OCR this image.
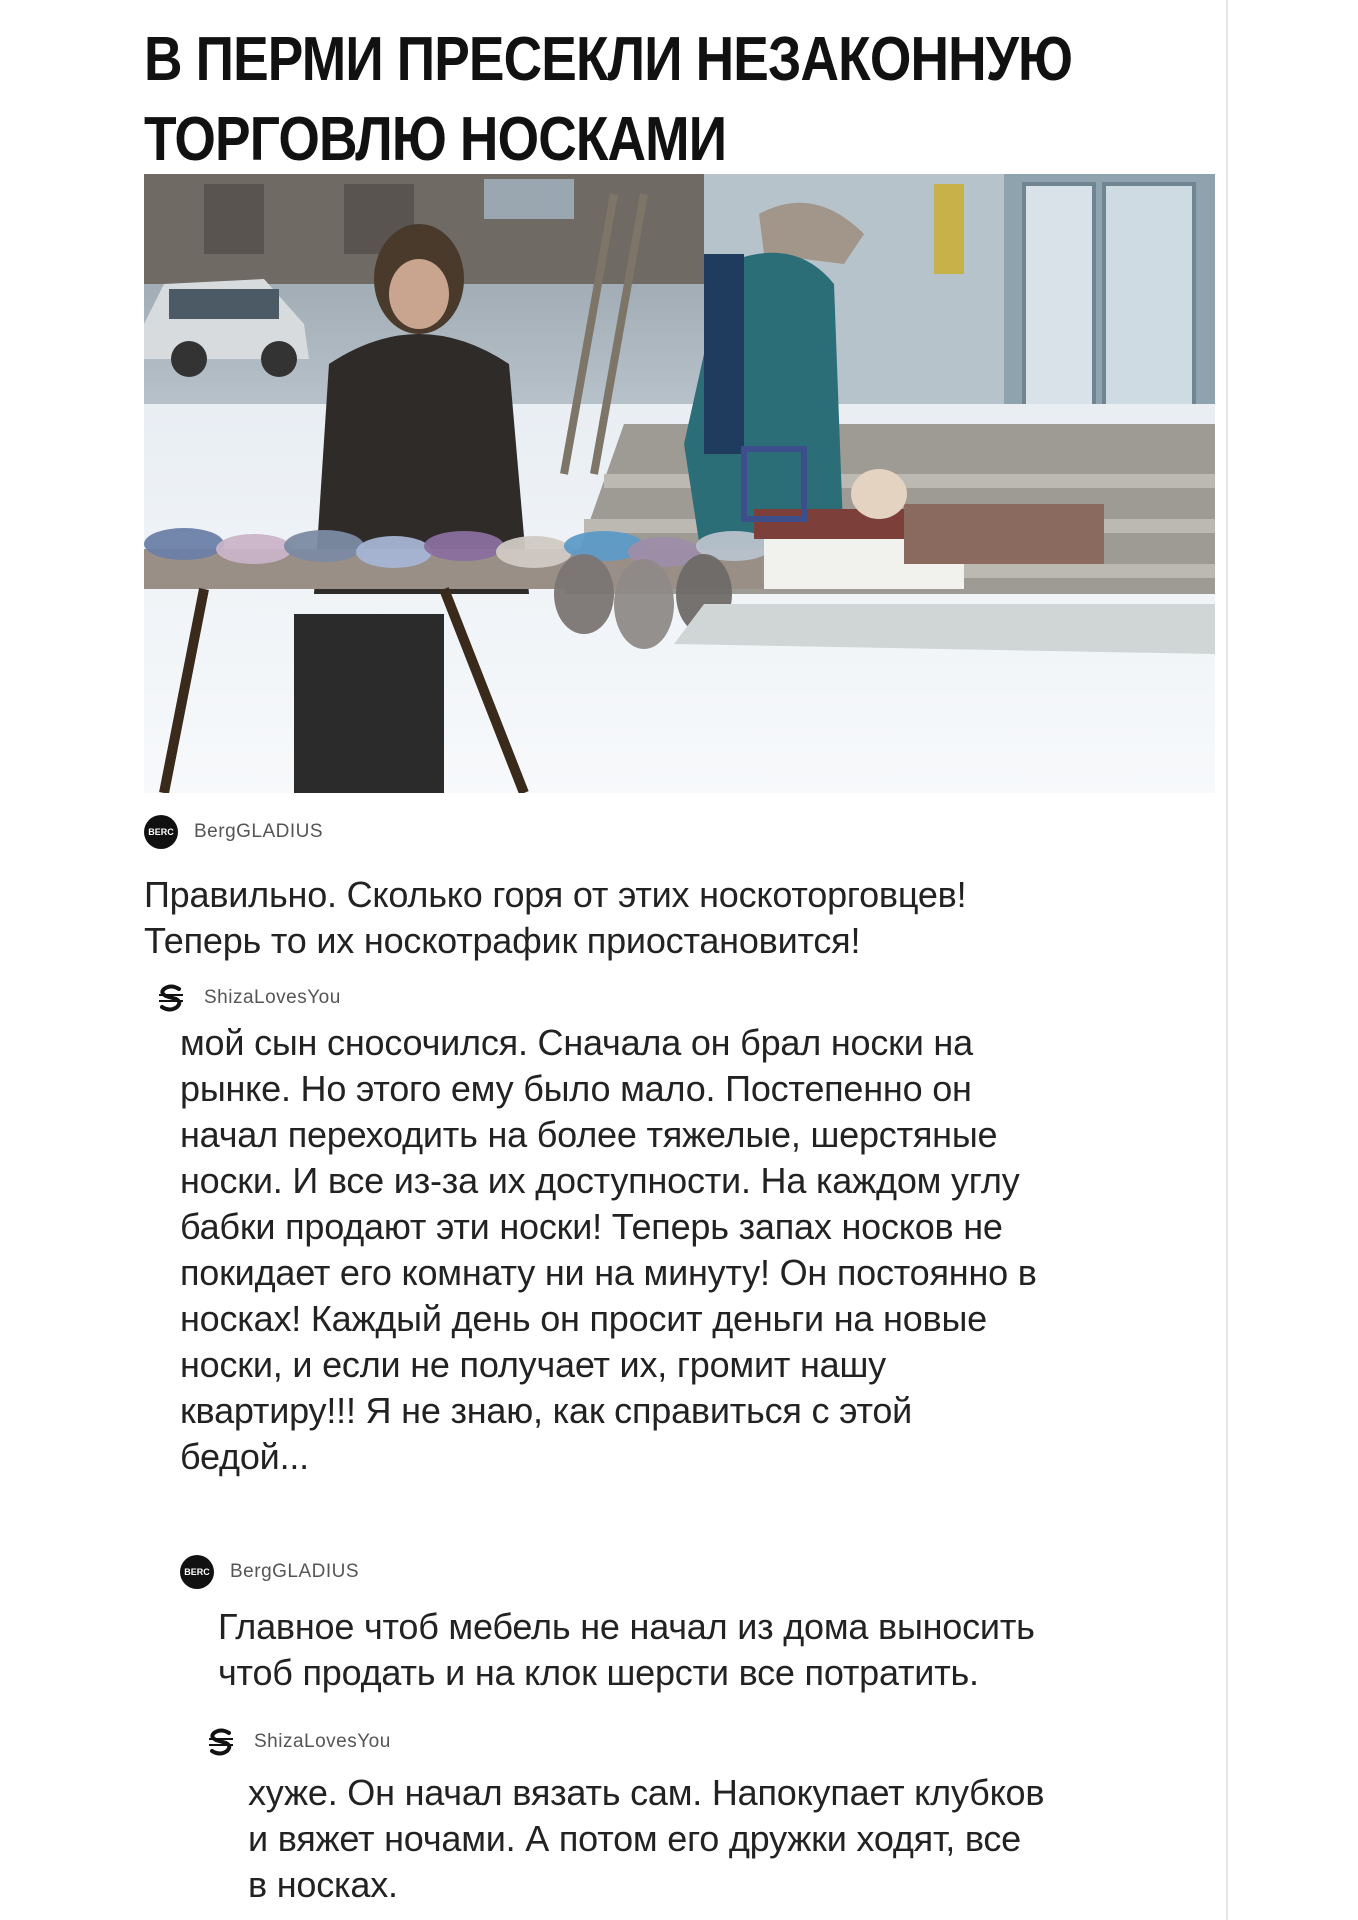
В ПЕРМИ ПРЕСЕКЛИ НЕЗАКОННУЮ
ТОРГОВЛЮ НОСКАМИ
BERC BergGLADIUS

Правильно. Сколько горя от этих носкоторговцев!
Теперь то их носкотрафик приостановится!

ShizaLovesYou

мой сын сносочился. Сначала он брал носки на
рынке. Но этого ему было мало. Постепенно он
начал переходить на более тяжелые, шерстяные
носки. И все из-за их доступности. На каждом углу
бабки продают эти носки! Теперь запах носков не
покидает его комнату ни на минуту! Он постоянно в
носках! Каждый день он просит деньги на новые
носки, и если не получает их, громит нашу
квартиру!!! Я не знаю, как справиться с этой
бедой...

BERC BergGLADIUS

Главное чтоб мебель не начал из дома выносить
чтоб продать и на клок шерсти все потратить.

ShizaLovesYou

хуже. Он начал вязать сам. Напокупает клубков
и вяжет ночами. А потом его дружки ходят, все
в носках.
